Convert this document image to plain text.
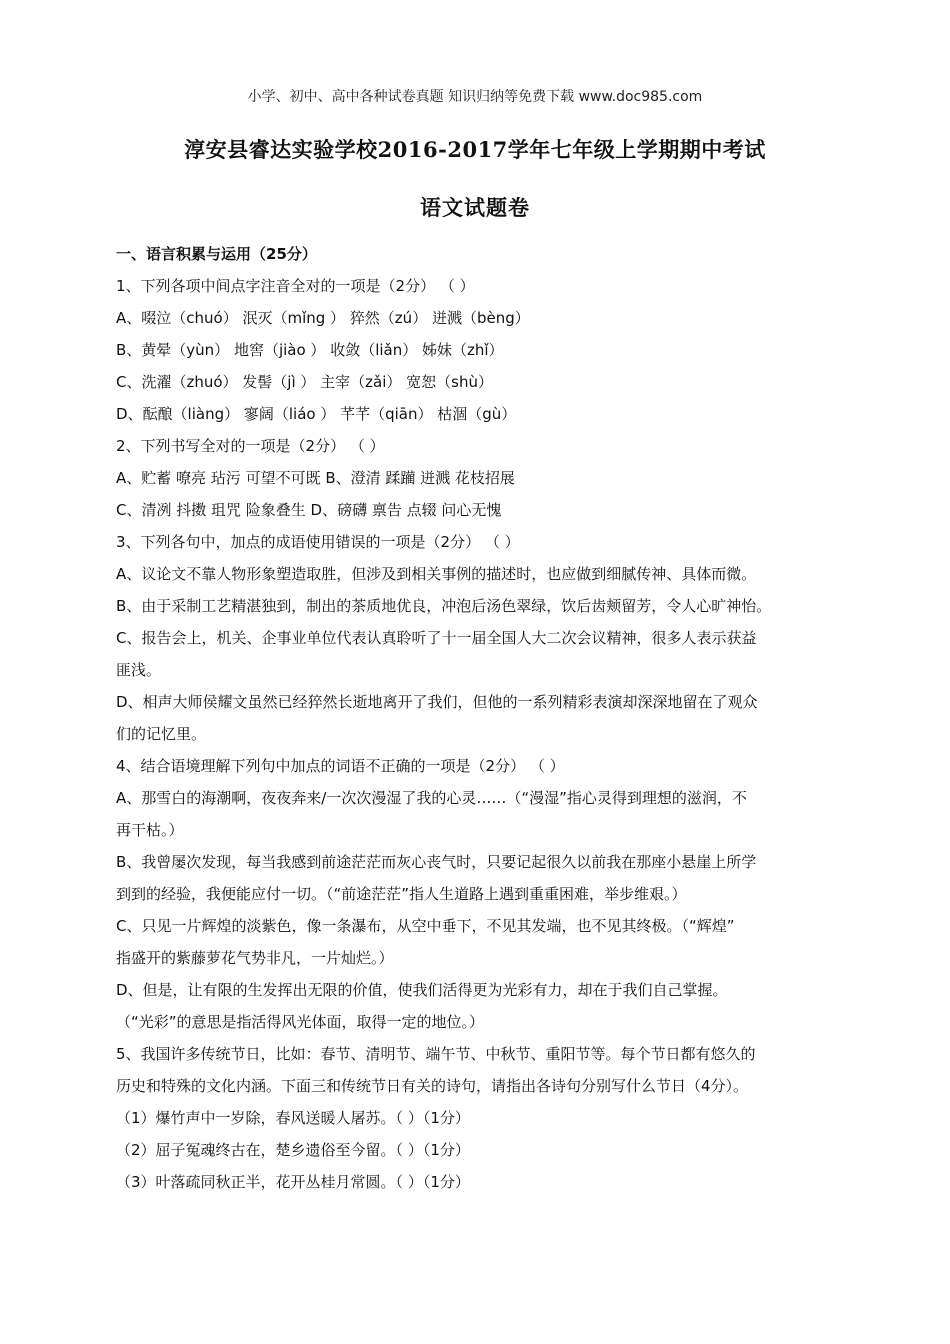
小学、初中、高中各种试卷真题 知识归纳等免费下载 www.doc985.com
淳安县睿达实验学校2016-2017学年七年级上学期期中考试
语文试题卷
一、语言积累与运用（25分）
1、下列各项中间点字注音全对的一项是（2分） （ ）
A、啜泣（chuó） 泯灭（mǐng ） 猝然（zú） 迸溅（bèng）
B、黄晕（yùn） 地窖（jiào ） 收敛（liǎn） 姊妹（zhǐ）
C、洗濯（zhuó） 发髻（jì ） 主宰（zǎi） 宽恕（shù）
D、酝酿（liàng） 寥阔（liáo ） 芊芊（qiān） 枯涸（gù）
2、下列书写全对的一项是（2分） （ ）
A、贮蓄 嘹亮 玷污 可望不可既 B、澄清 蹂躏 迸溅 花枝招展
C、清冽 抖擞 珇咒 险象叠生 D、磅礴 禀告 点辍 问心无愧
3、下列各句中，加点的成语使用错误的一项是（2分） （ ）
A、议论文不靠人物形象塑造取胜，但涉及到相关事例的描述时，也应做到细腻传神、具体而微。
B、由于采制工艺精湛独到，制出的茶质地优良，冲泡后汤色翠绿，饮后齿颊留芳，令人心旷神怡。
C、报告会上，机关、企事业单位代表认真聆听了十一届全国人大二次会议精神，很多人表示获益
匪浅。
D、相声大师侯耀文虽然已经猝然长逝地离开了我们，但他的一系列精彩表演却深深地留在了观众
们的记忆里。
4、结合语境理解下列句中加点的词语不正确的一项是（2分） （ ）
A、那雪白的海潮啊，夜夜奔来/一次次漫湿了我的心灵……（“漫湿”指心灵得到理想的滋润，不
再干枯。）
B、我曾屡次发现，每当我感到前途茫茫而灰心丧气时，只要记起很久以前我在那座小悬崖上所学
到到的经验，我便能应付一切。（“前途茫茫”指人生道路上遇到重重困难，举步维艰。）
C、只见一片辉煌的淡紫色，像一条瀑布，从空中垂下，不见其发端，也不见其终极。（“辉煌”
指盛开的紫藤萝花气势非凡，一片灿烂。）
D、但是，让有限的生发挥出无限的价值，使我们活得更为光彩有力，却在于我们自己掌握。
（“光彩”的意思是指活得风光体面，取得一定的地位。）
5、我国许多传统节日，比如：春节、清明节、端午节、中秋节、重阳节等。每个节日都有悠久的
历史和特殊的文化内涵。下面三和传统节日有关的诗句，请指出各诗句分别写什么节日（4分）。
（1）爆竹声中一岁除，春风送暖人屠苏。（ ）（1分）
（2）屈子冤魂终古在，楚乡遗俗至今留。（ ）（1分）
（3）叶落疏同秋正半，花开丛桂月常圆。（ ）（1分）
